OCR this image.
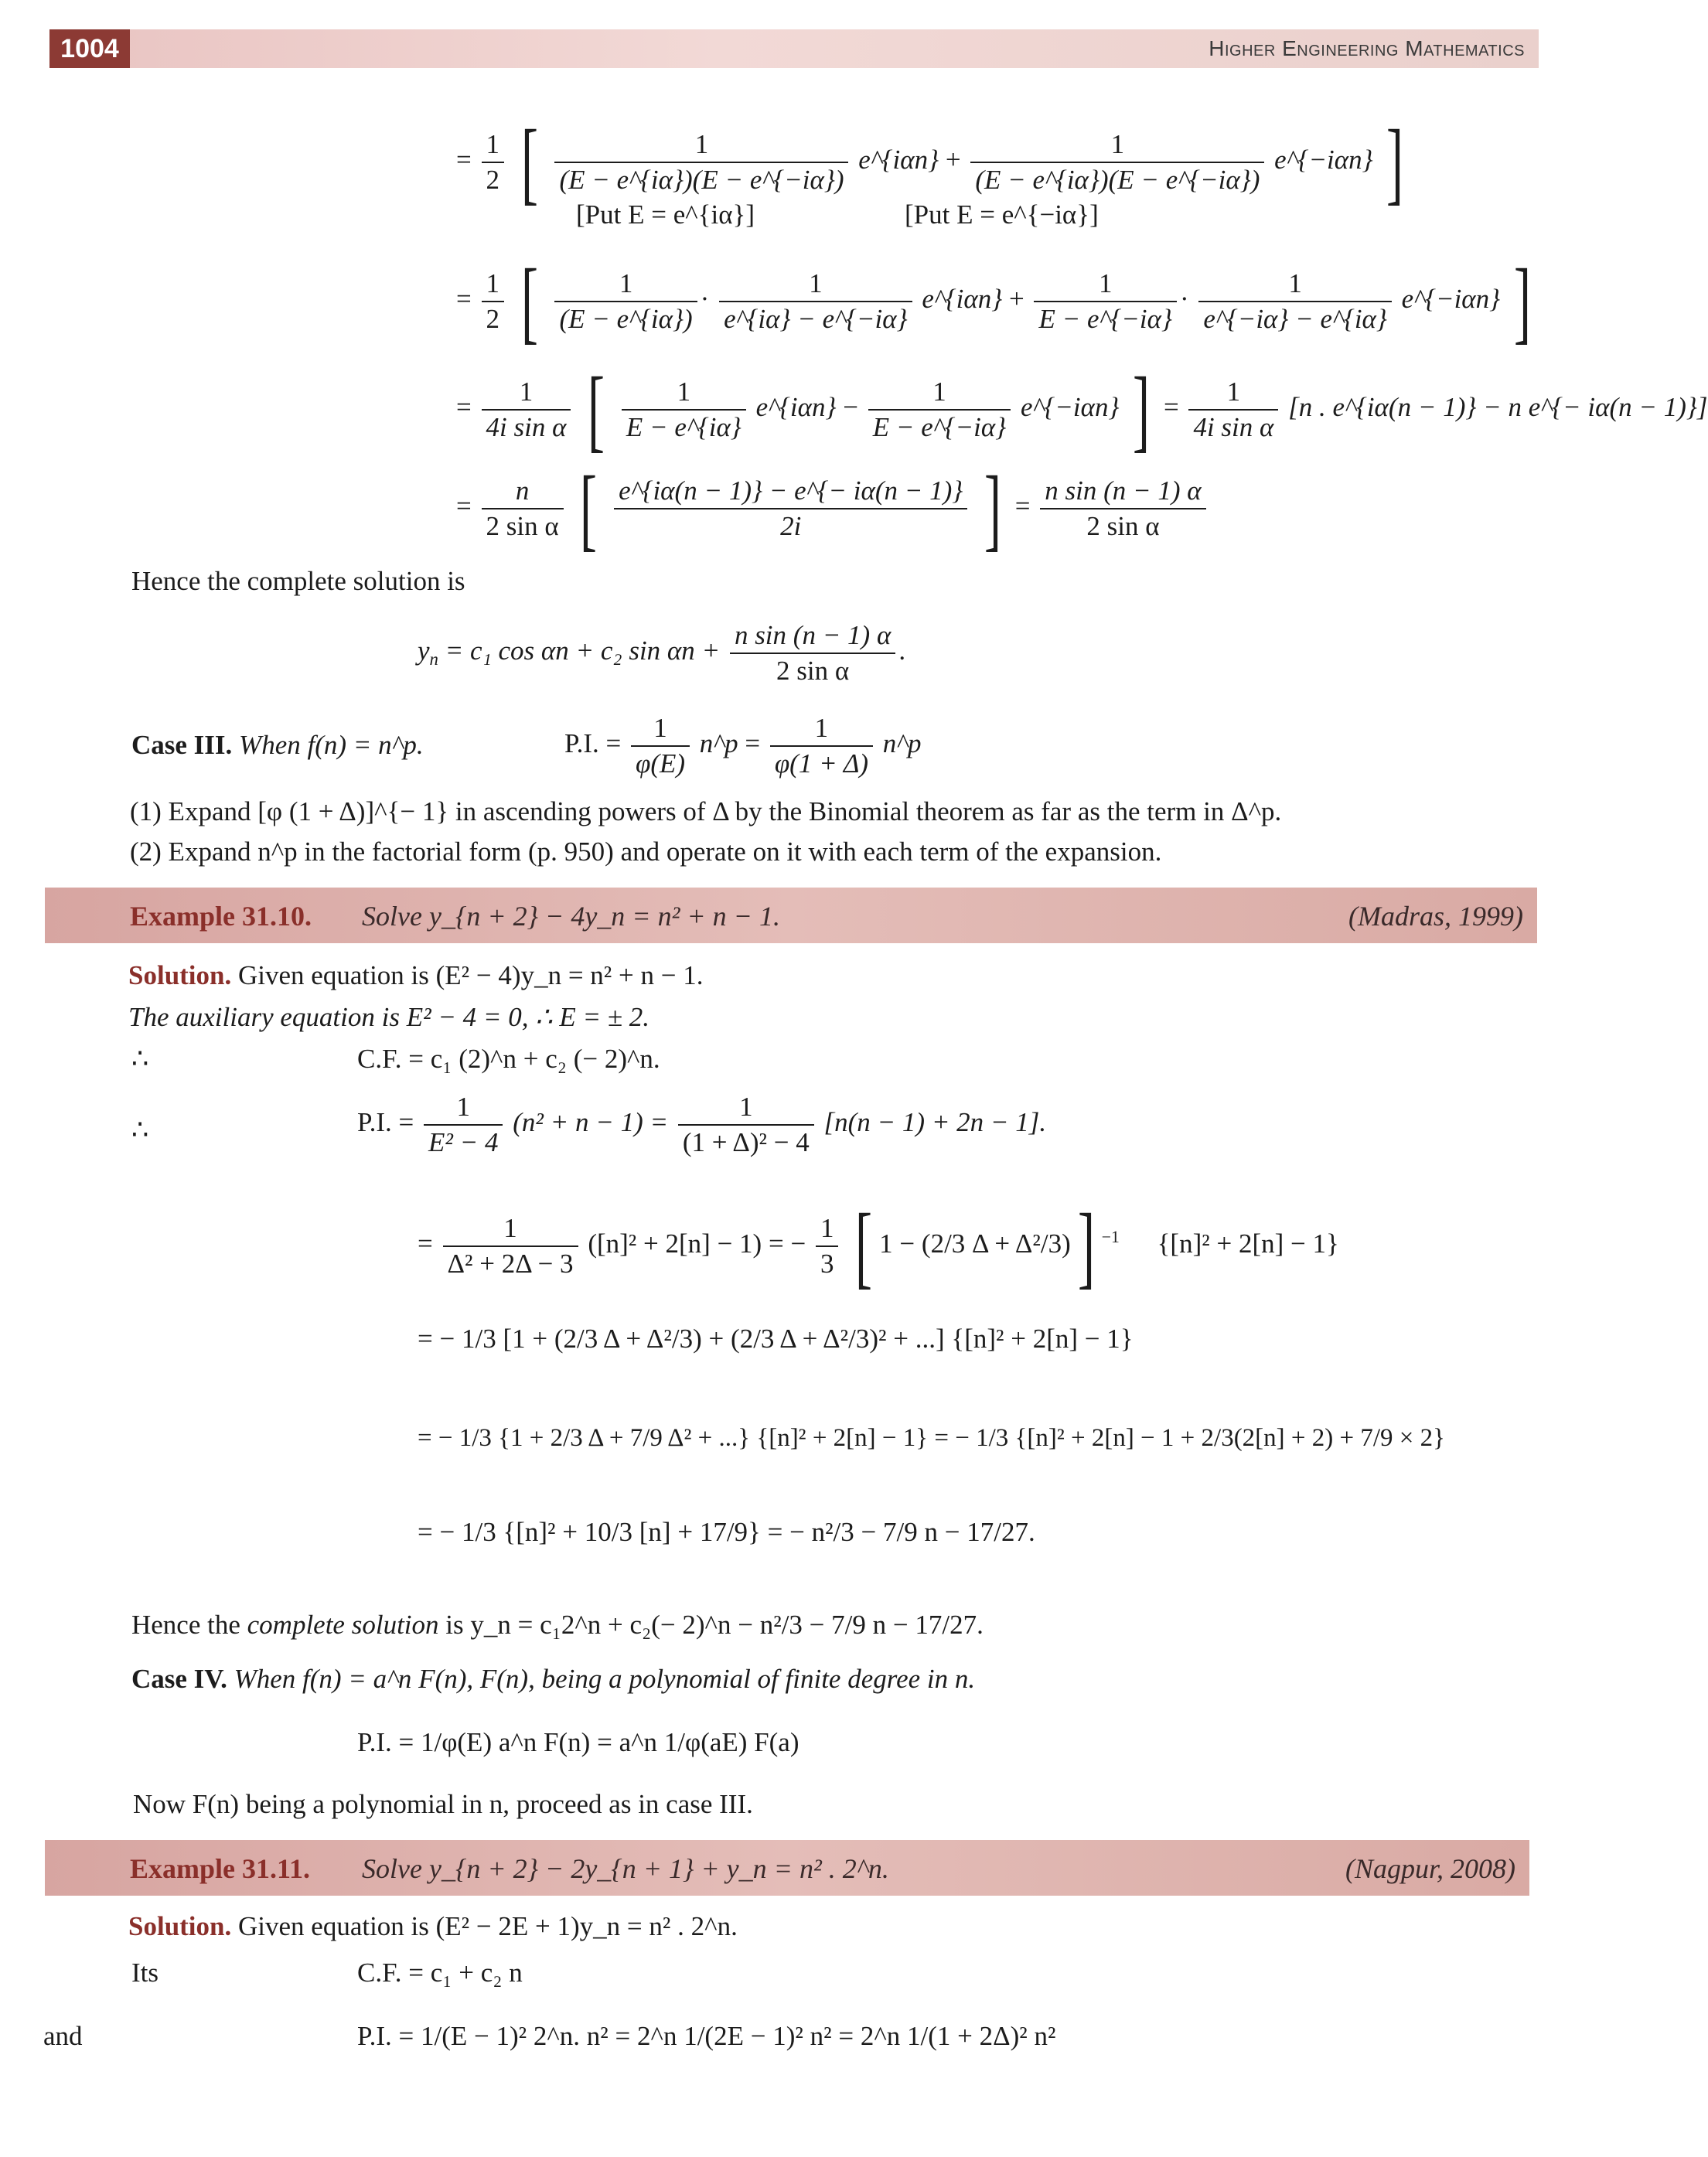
1004	Higher Engineering Mathematics
= $\frac{1}{2}$ [ $\frac{1}{(E - e\^{}\{i\alpha\})(E - e\^{}\{-i\alpha\})}$ e^{iαn} + $\frac{1}{(E - e\^{}\{i\alpha\})(E - e\^{}\{-i\alpha\})}$ e^{−iαn} ]
[Put E = e^{iα}]	[Put E = e^{−iα}]
= $\frac{1}{2}$ [ $\frac{1}{(E - e\^{}\{i\alpha\})} \cdot \frac{1}{e\^{}\{i\alpha\} - e\^{}\{-i\alpha\}}$ e^{iαn} + $\frac{1}{E - e\^{}\{-i\alpha\}} \cdot \frac{1}{e\^{}\{-i\alpha\} - e\^{}\{i\alpha\}}$ e^{−iαn} ]
= $\frac{1}{\text{4i sin α}}$ [ $\frac{1}{E - e\^{}\{i\alpha\}}$ e^{iαn} − $\frac{1}{E - e\^{}\{-i\alpha\}}$ e^{−iαn} ] = $\frac{1}{\text{4i sin α}} [n$ . e^{iα(n − 1)} − n e^{− iα(n − 1)}]
= $\frac{n}{\text{2 sin α}}$ [ $\frac{e\^{}\{i\alpha(n - 1)\} - e\^{}\{- i\alpha(n - 1)\}}{2i}$ ] = $\frac{\text{n sin (n − 1) α}}{\text{2 sin α}}$
Hence the complete solution is
$y_n = c_1$ cos αn + c₂ $\sin \alpha n + \frac{\text{n sin (n − 1) α}}{\text{2 sin α}}$ .
Case III. When f(n) = n^p.	P.I. = $\frac{1}{\varphi(E)}$ n^p = $\frac{1}{\varphi(1 + \Delta)}$ n^p
(1) Expand [φ (1 + Δ)]^{− 1} in ascending powers of Δ by the Binomial theorem as far as the term in Δ^p.
(2) Expand n^p in the factorial form (p. 950) and operate on it with each term of the expansion.
Example 31.10. Solve y_{n + 2} − 4y_n = n² + n − 1.	(Madras, 1999)
Solution. Given equation is (E² − 4)y_n = n² + n − 1.
The auxiliary equation is E² − 4 = 0, ∴ E = ± 2.
∴	C.F. = c₁ (2)^n + c₂ (− 2)^n.
∴	P.I. = $\frac{1}{\text{E² − 4}} (n^2 + n - 1) = \frac{1}{\text{(1 + Δ)² − 4}} [n(n - 1) + 2n - 1]$.
= $\frac{1}{\text{Δ² + 2Δ − 3}} ([n]^2 + 2[n] - 1)$ = − $\frac{1}{3}$ [ 1 − (2/3 Δ + Δ²/3)] $^{-1}$ {[n]² + 2[n] − 1}
= − 1/3 [1 + (2/3 Δ + Δ²/3) + (2/3 Δ + Δ²/3)² + ...] {[n]² + 2[n] − 1}
= − 1/3 {1 + 2/3 Δ + 7/9 Δ² + ...} {[n]² + 2[n] − 1} = − 1/3 {[n]² + 2[n] − 1 + 2/3(2[n] + 2) + 7/9 × 2}
= − 1/3 {[n]² + 10/3 [n] + 17/9} = − n²/3 − 7/9 n − 17/27.
Hence the complete solution is y_n = c₁2^n + c₂(− 2)^n − n²/3 − 7/9 n − 17/27.
Case IV. When f(n) = a^n F(n), F(n), being a polynomial of finite degree in n.
P.I. = 1/φ(E) a^n F(n) = a^n 1/φ(aE) F(a)
Now F(n) being a polynomial in n, proceed as in case III.
Example 31.11. Solve y_{n + 2} − 2y_{n + 1} + y_n = n² . 2^n.	(Nagpur, 2008)
Solution. Given equation is (E² − 2E + 1)y_n = n² . 2^n.
Its	C.F. = c₁ + c₂ n
and	P.I. = 1/(E − 1)² 2^n. n² = 2^n 1/(2E − 1)² n² = 2^n 1/(1 + 2Δ)² n²
